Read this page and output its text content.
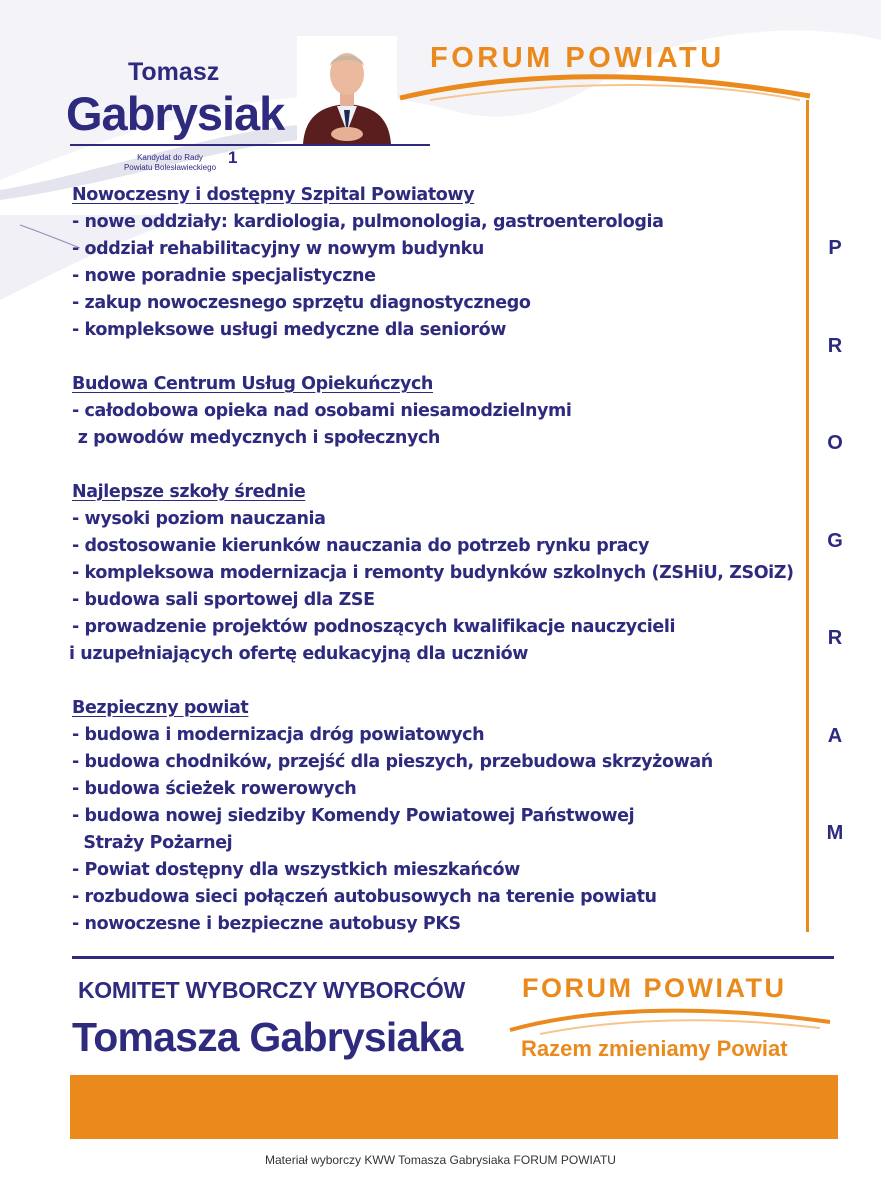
Tomasz
Gabrysiak
Kandydat do Rady
Powiatu Bolesławieckiego
1
FORUM POWIATU
P
R
O
G
R
A
M
Nowoczesny i dostępny Szpital Powiatowy
- nowe oddziały: kardiologia, pulmonologia, gastroenterologia
- oddział rehabilitacyjny w nowym budynku
- nowe poradnie specjalistyczne
- zakup nowoczesnego sprzętu diagnostycznego
- kompleksowe usługi medyczne dla seniorów
Budowa Centrum Usług Opiekuńczych
- całodobowa opieka nad osobami niesamodzielnymi
z powodów medycznych i społecznych
Najlepsze szkoły średnie
- wysoki poziom nauczania
- dostosowanie kierunków nauczania do potrzeb rynku pracy
- kompleksowa modernizacja i remonty budynków szkolnych (ZSHiU, ZSOiZ)
- budowa sali sportowej dla ZSE
- prowadzenie projektów podnoszących kwalifikacje nauczycieli
i uzupełniających ofertę edukacyjną dla uczniów
Bezpieczny powiat
- budowa i modernizacja dróg powiatowych
- budowa chodników, przejść dla pieszych, przebudowa skrzyżowań
- budowa ścieżek rowerowych
- budowa nowej siedziby Komendy Powiatowej Państwowej
Straży Pożarnej
- Powiat dostępny dla wszystkich mieszkańców
- rozbudowa sieci połączeń autobusowych na terenie powiatu
- nowoczesne i bezpieczne autobusy PKS
KOMITET WYBORCZY WYBORCÓW FORUM POWIATU
Tomasza Gabrysiaka	Razem zmieniamy Powiat
Materiał wyborczy KWW Tomasza Gabrysiaka FORUM POWIATU
